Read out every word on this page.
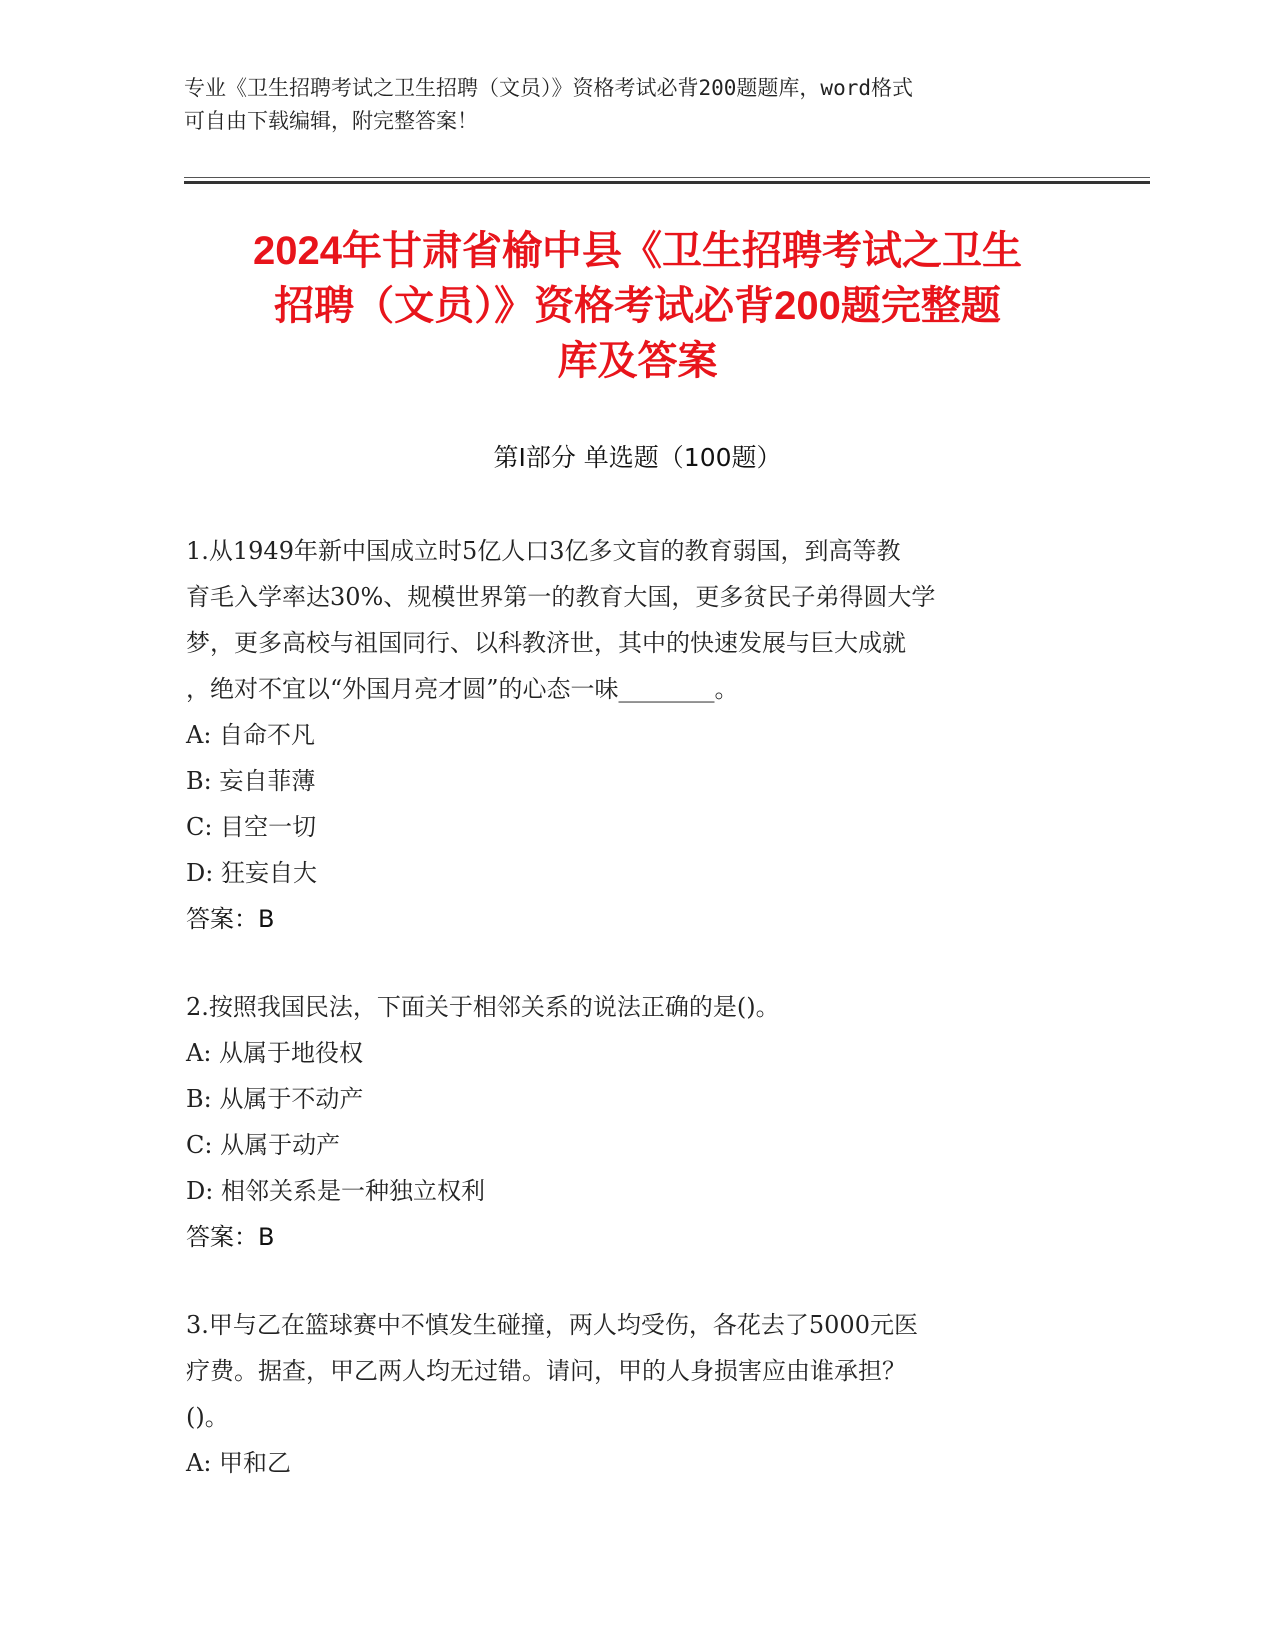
专业《卫生招聘考试之卫生招聘（文员）》资格考试必背200题题库，word格式
可自由下载编辑，附完整答案！
2024年甘肃省榆中县《卫生招聘考试之卫生
招聘（文员）》资格考试必背200题完整题
库及答案
第Ⅰ部分 单选题（100题）
1.从1949年新中国成立时5亿人口3亿多文盲的教育弱国，到高等教
育毛入学率达30%、规模世界第一的教育大国，更多贫民子弟得圆大学
梦，更多高校与祖国同行、以科教济世，其中的快速发展与巨大成就
，绝对不宜以“外国月亮才圆”的心态一味________。
A: 自命不凡
B: 妄自菲薄
C: 目空一切
D: 狂妄自大
答案：B
2.按照我国民法，下面关于相邻关系的说法正确的是()。
A: 从属于地役权
B: 从属于不动产
C: 从属于动产
D: 相邻关系是一种独立权利
答案：B
3.甲与乙在篮球赛中不慎发生碰撞，两人均受伤，各花去了5000元医
疗费。据查，甲乙两人均无过错。请问，甲的人身损害应由谁承担？
()。
A: 甲和乙
